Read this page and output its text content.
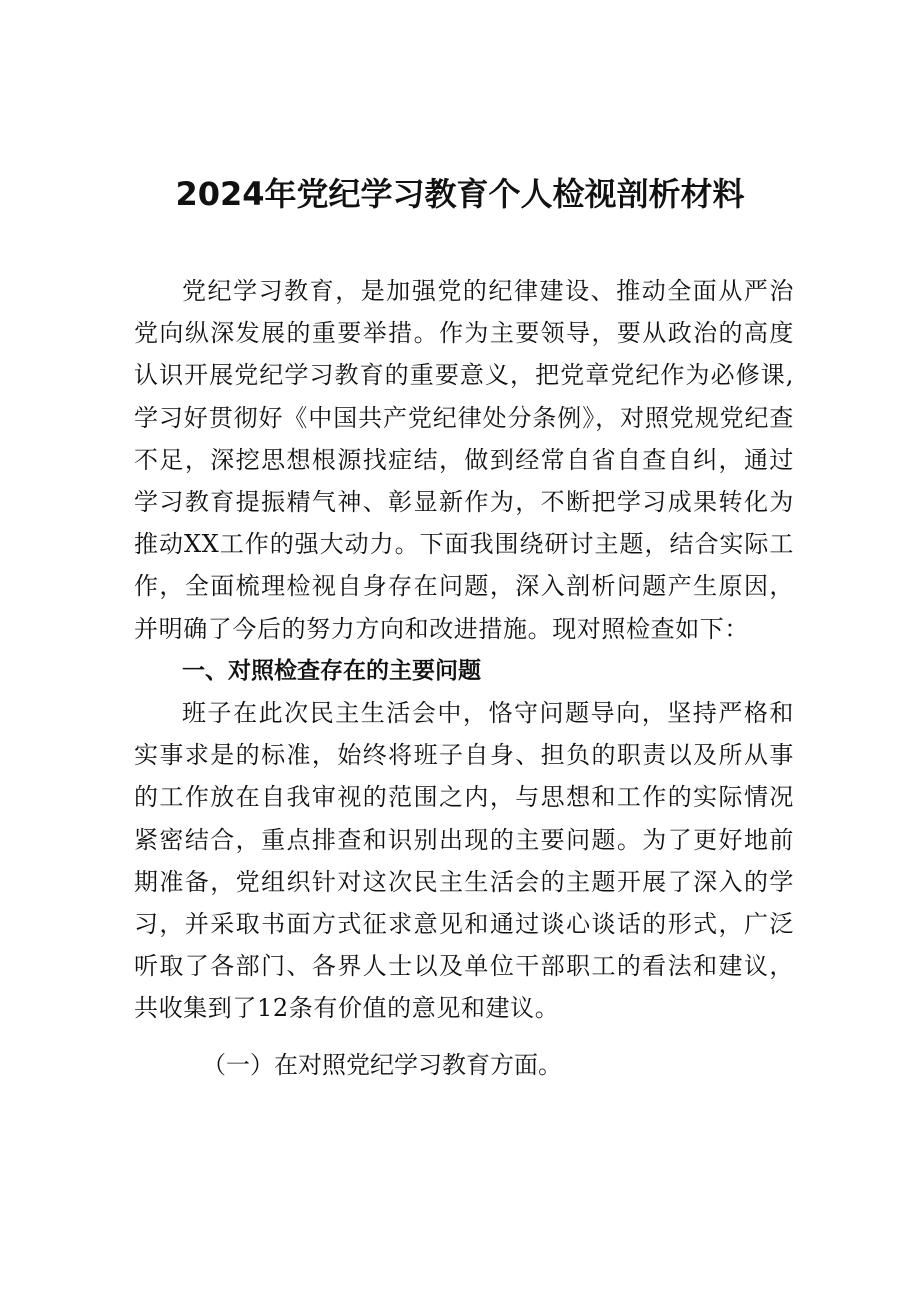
2024年党纪学习教育个人检视剖析材料

党纪学习教育，是加强党的纪律建设、推动全面从严治党向纵深发展的重要举措。作为主要领导，要从政治的高度认识开展党纪学习教育的重要意义，把党章党纪作为必修课,学习好贯彻好《中国共产党纪律处分条例》，对照党规党纪查不足，深挖思想根源找症结，做到经常自省自查自纠，通过学习教育提振精气神、彰显新作为，不断把学习成果转化为推动XX工作的强大动力。下面我围绕研讨主题，结合实际工作，全面梳理检视自身存在问题，深入剖析问题产生原因，并明确了今后的努力方向和改进措施。现对照检查如下：

一、对照检查存在的主要问题

班子在此次民主生活会中，恪守问题导向，坚持严格和实事求是的标准，始终将班子自身、担负的职责以及所从事的工作放在自我审视的范围之内，与思想和工作的实际情况紧密结合，重点排查和识别出现的主要问题。为了更好地前期准备，党组织针对这次民主生活会的主题开展了深入的学习，并采取书面方式征求意见和通过谈心谈话的形式，广泛听取了各部门、各界人士以及单位干部职工的看法和建议，共收集到了12条有价值的意见和建议。

（一）在对照党纪学习教育方面。
